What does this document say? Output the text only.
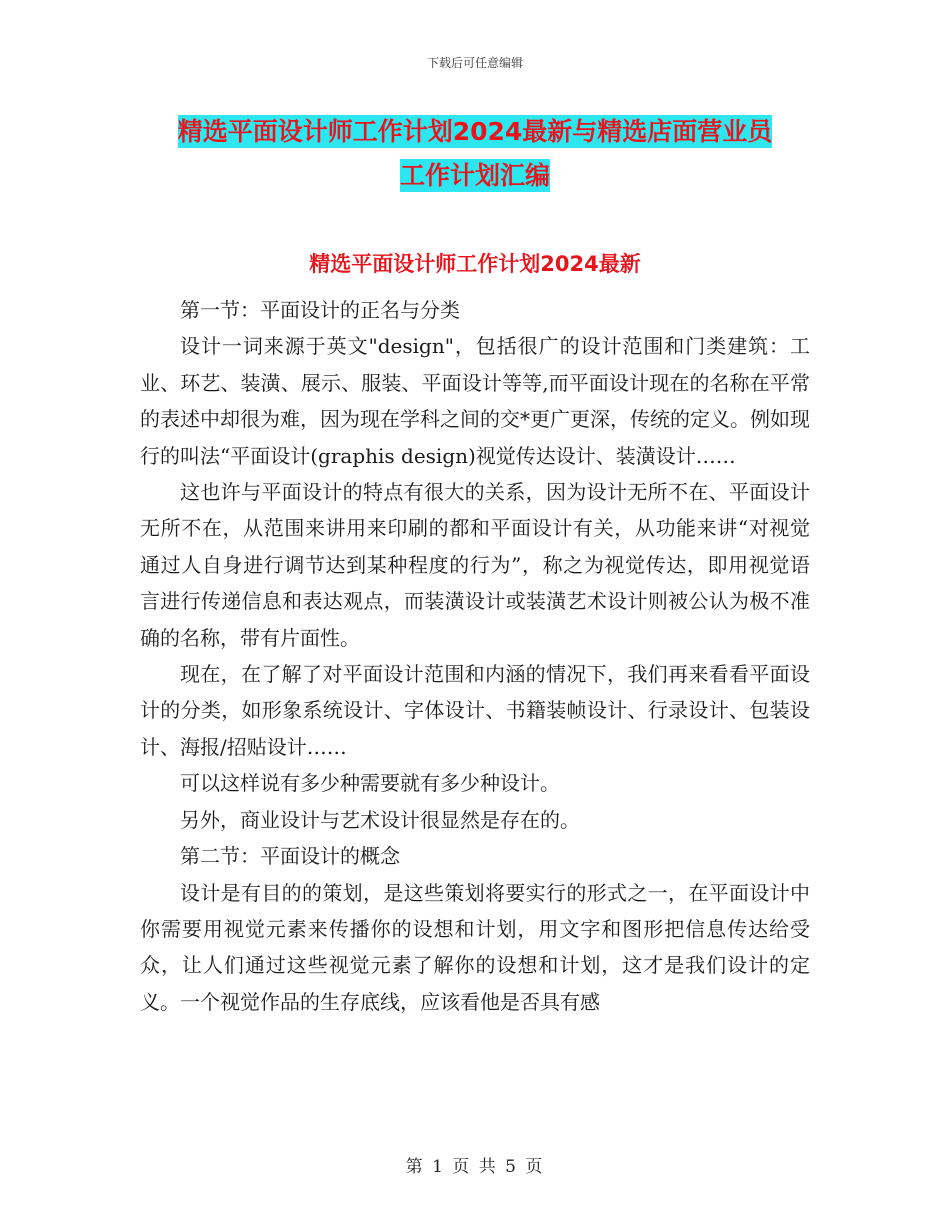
下载后可任意编辑
精选平面设计师工作计划2024最新与精选店面营业员
工作计划汇编
精选平面设计师工作计划2024最新

第一节：平面设计的正名与分类

设计一词来源于英文"design"，包括很广的设计范围和门类建筑：工业、环艺、装潢、展示、服装、平面设计等等,而平面设计现在的名称在平常的表述中却很为难，因为现在学科之间的交*更广更深，传统的定义。例如现行的叫法“平面设计(graphis design)视觉传达设计、装潢设计……

这也许与平面设计的特点有很大的关系，因为设计无所不在、平面设计无所不在，从范围来讲用来印刷的都和平面设计有关，从功能来讲“对视觉通过人自身进行调节达到某种程度的行为”，称之为视觉传达，即用视觉语言进行传递信息和表达观点，而装潢设计或装潢艺术设计则被公认为极不准确的名称，带有片面性。

现在，在了解了对平面设计范围和内涵的情况下，我们再来看看平面设计的分类，如形象系统设计、字体设计、书籍装帧设计、行录设计、包装设计、海报/招贴设计……

可以这样说有多少种需要就有多少种设计。

另外，商业设计与艺术设计很显然是存在的。

第二节：平面设计的概念

设计是有目的的策划，是这些策划将要实行的形式之一，在平面设计中你需要用视觉元素来传播你的设想和计划，用文字和图形把信息传达给受众，让人们通过这些视觉元素了解你的设想和计划，这才是我们设计的定义。一个视觉作品的生存底线，应该看他是否具有感

第 1 页 共 5 页
